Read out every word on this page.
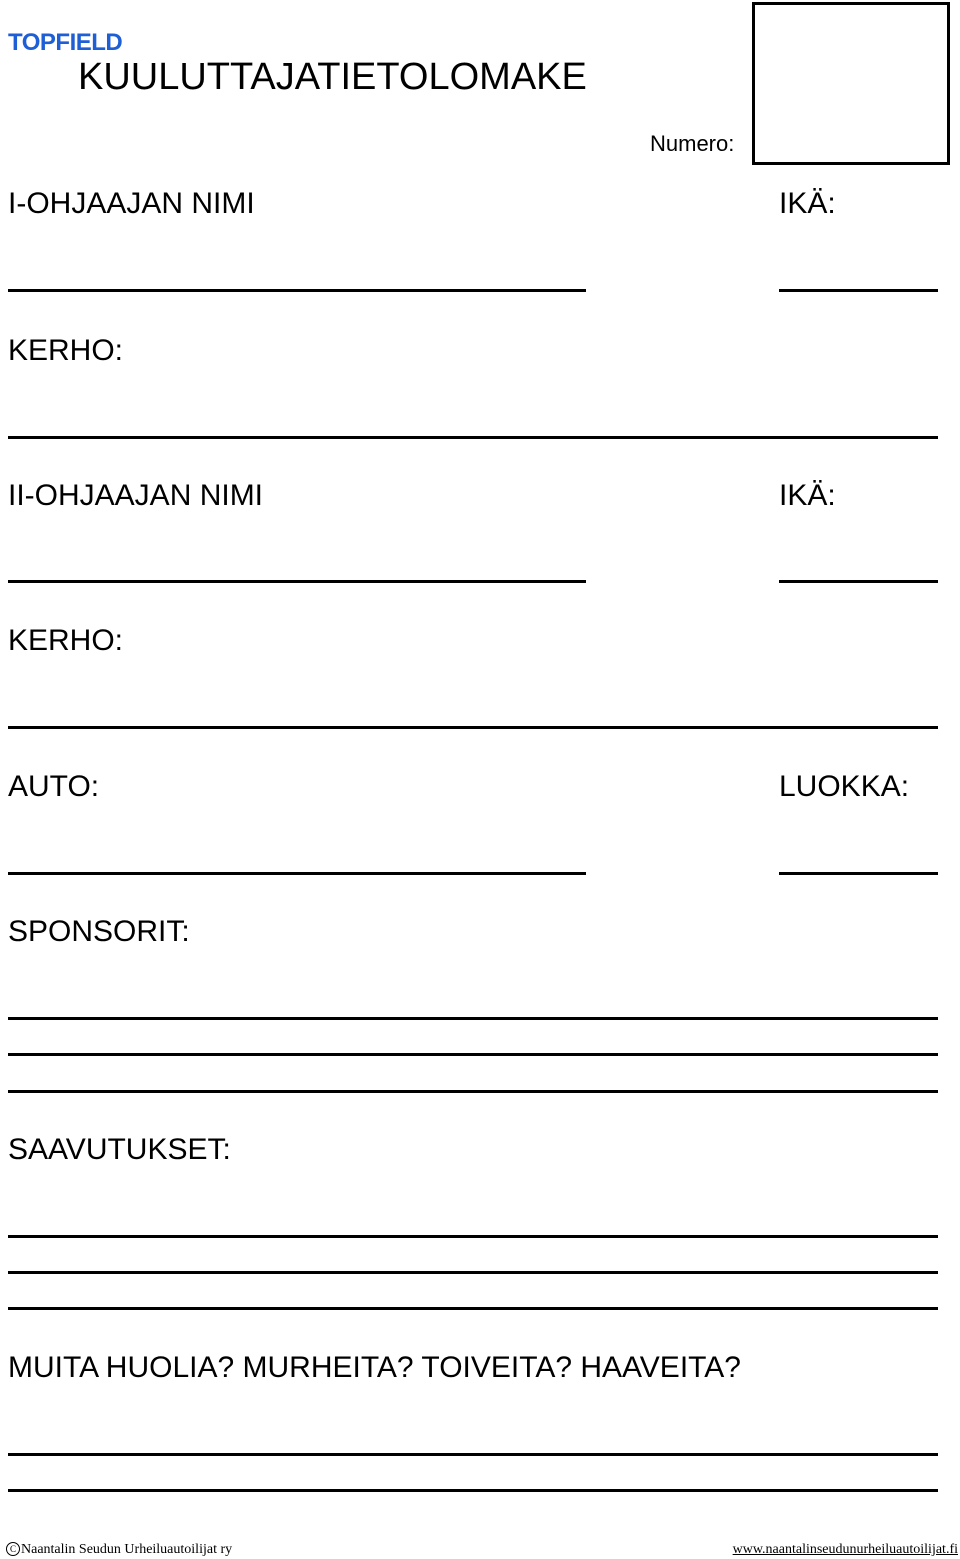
TOPFIELD
KUULUTTAJATIETOLOMAKE
Numero:
I-OHJAAJAN NIMI	IKÄ:
KERHO:
II-OHJAAJAN NIMI	IKÄ:
KERHO:
AUTO:	LUOKKA:
SPONSORIT:
SAAVUTUKSET:
MUITA HUOLIA? MURHEITA? TOIVEITA? HAAVEITA?
C Naantalin Seudun Urheiluautoilijat ry	www.naantalinseudunurheiluautoilijat.fi
